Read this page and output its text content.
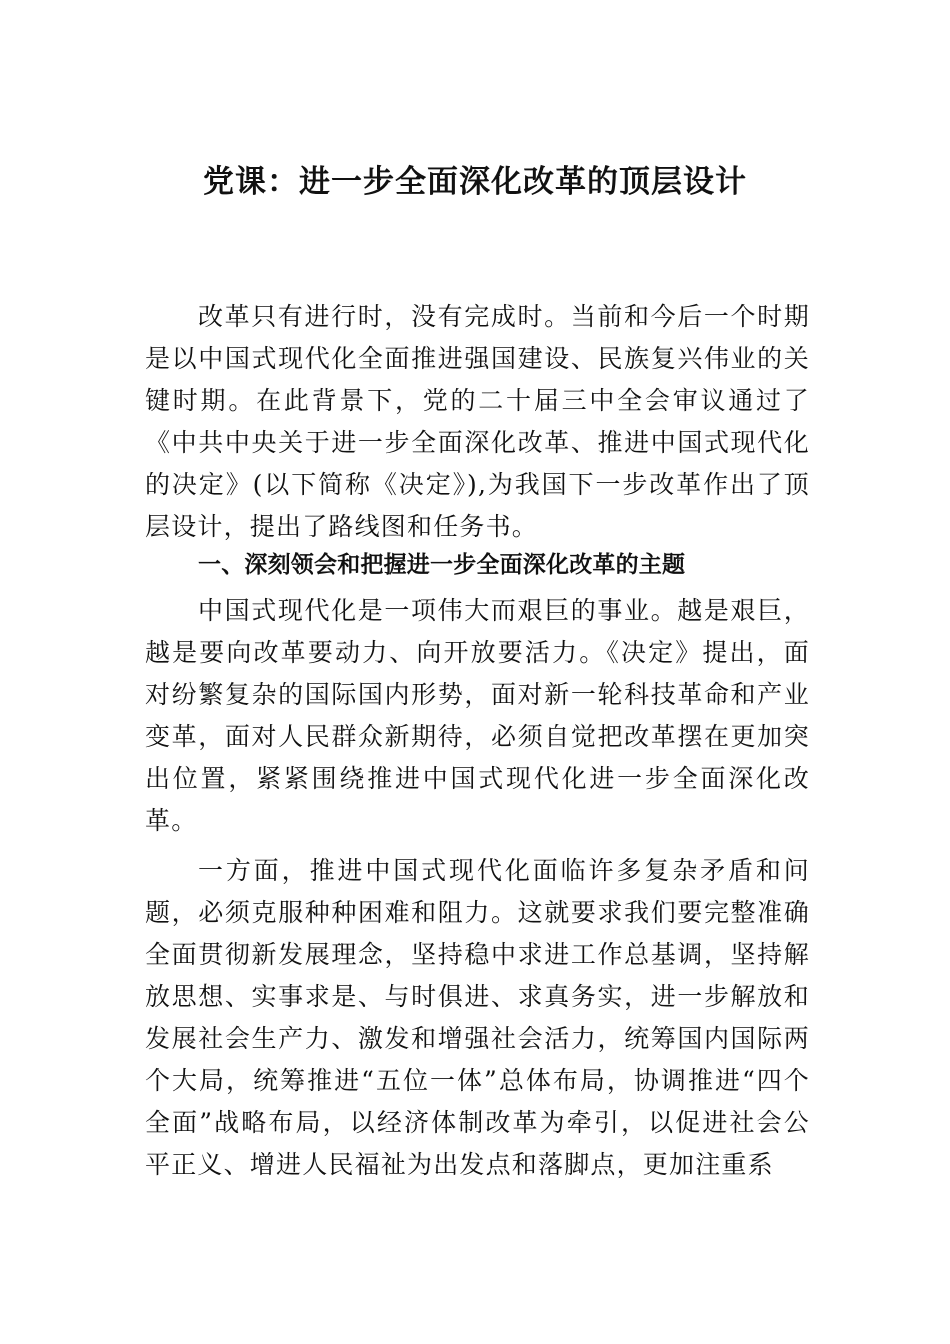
党课：进一步全面深化改革的顶层设计

改革只有进行时，没有完成时。当前和今后一个时期是以中国式现代化全面推进强国建设、民族复兴伟业的关键时期。在此背景下，党的二十届三中全会审议通过了《中共中央关于进一步全面深化改革、推进中国式现代化的决定》(以下简称《决定》),为我国下一步改革作出了顶层设计，提出了路线图和任务书。

一、深刻领会和把握进一步全面深化改革的主题

中国式现代化是一项伟大而艰巨的事业。越是艰巨，越是要向改革要动力、向开放要活力。《决定》提出，面 对纷繁复杂的国际国内形势，面对新一轮科技革命和产业 变革，面对人民群众新期待，必须自觉把改革摆在更加突 出位置，紧紧围绕推进中国式现代化进一步全面深化改 革。

一方面，推进中国式现代化面临许多复杂矛盾和问题，必须克服种种困难和阻力。这就要求我们要完整准确全面贯彻新发展理念，坚持稳中求进工作总基调，坚持解放思想、实事求是、与时俱进、求真务实，进一步解放和发展社会生产力、激发和增强社会活力，统筹国内国际两个大局，统筹推进“五位一体”总体布局，协调推进“四个全面”战略布局，以经济体制改革为牵引，以促进社会公平正义、增进人民福祉为出发点和落脚点，更加注重系
